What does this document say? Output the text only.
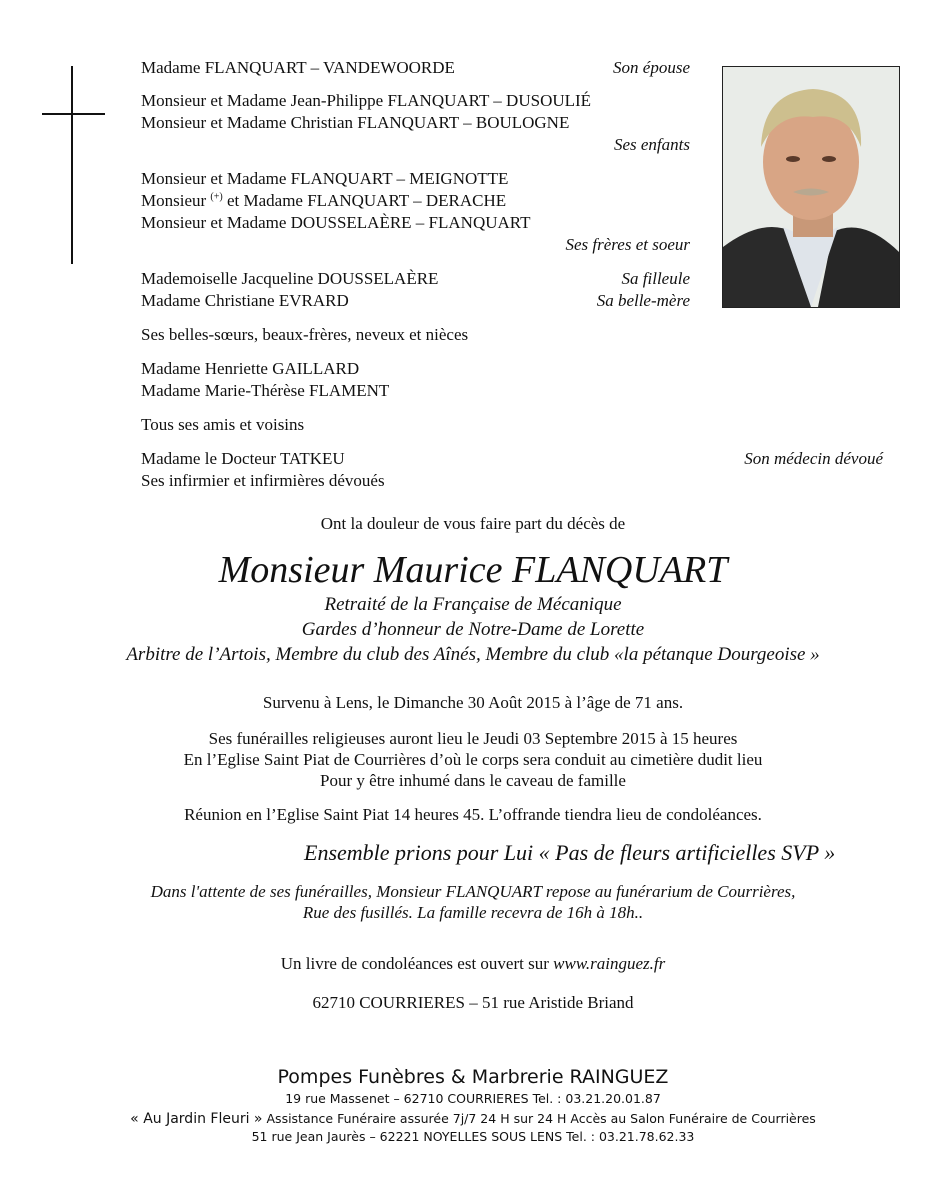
Madame FLANQUART – VANDEWOORDE	Son épouse
Monsieur et Madame Jean-Philippe FLANQUART – DUSOULIÉ
Monsieur et Madame Christian FLANQUART – BOULOGNE
Ses enfants
Monsieur et Madame FLANQUART – MEIGNOTTE
Monsieur (+) et Madame FLANQUART – DERACHE
Monsieur et Madame DOUSSELAÈRE – FLANQUART
Ses frères et soeur
Mademoiselle Jacqueline DOUSSELAÈRE	Sa filleule
Madame Christiane EVRARD	Sa belle-mère
Ses belles-sœurs, beaux-frères, neveux et nièces
Madame Henriette GAILLARD
Madame Marie-Thérèse FLAMENT
Tous ses amis et voisins
Madame le Docteur TATKEU	Son médecin dévoué
Ses infirmier et infirmières dévoués
Ont la douleur de vous faire part du décès de
Monsieur Maurice FLANQUART
Retraité de la Française de Mécanique
Gardes d’honneur de Notre-Dame de Lorette
Arbitre de l’Artois, Membre du club des Aînés, Membre du club «la pétanque Dourgeoise »
Survenu à Lens, le Dimanche 30 Août 2015 à l’âge de 71 ans.
Ses funérailles religieuses auront lieu le Jeudi 03 Septembre 2015 à 15 heures
En l’Eglise Saint Piat de Courrières d’où le corps sera conduit au cimetière dudit lieu
Pour y être inhumé dans le caveau de famille
Réunion en l’Eglise Saint Piat 14 heures 45. L’offrande tiendra lieu de condoléances.
Ensemble prions pour Lui « Pas de fleurs artificielles SVP »
Dans l'attente de ses funérailles, Monsieur FLANQUART repose au funérarium de Courrières,
Rue des fusillés. La famille recevra de 16h à 18h..
Un livre de condoléances est ouvert sur www.rainguez.fr
62710 COURRIERES – 51 rue Aristide Briand
Pompes Funèbres & Marbrerie RAINGUEZ
19 rue Massenet – 62710 COURRIERES Tel. : 03.21.20.01.87
« Au Jardin Fleuri » Assistance Funéraire assurée 7j/7 24 H sur 24 H Accès au Salon Funéraire de Courrières
51 rue Jean Jaurès – 62221 NOYELLES SOUS LENS Tel. : 03.21.78.62.33
